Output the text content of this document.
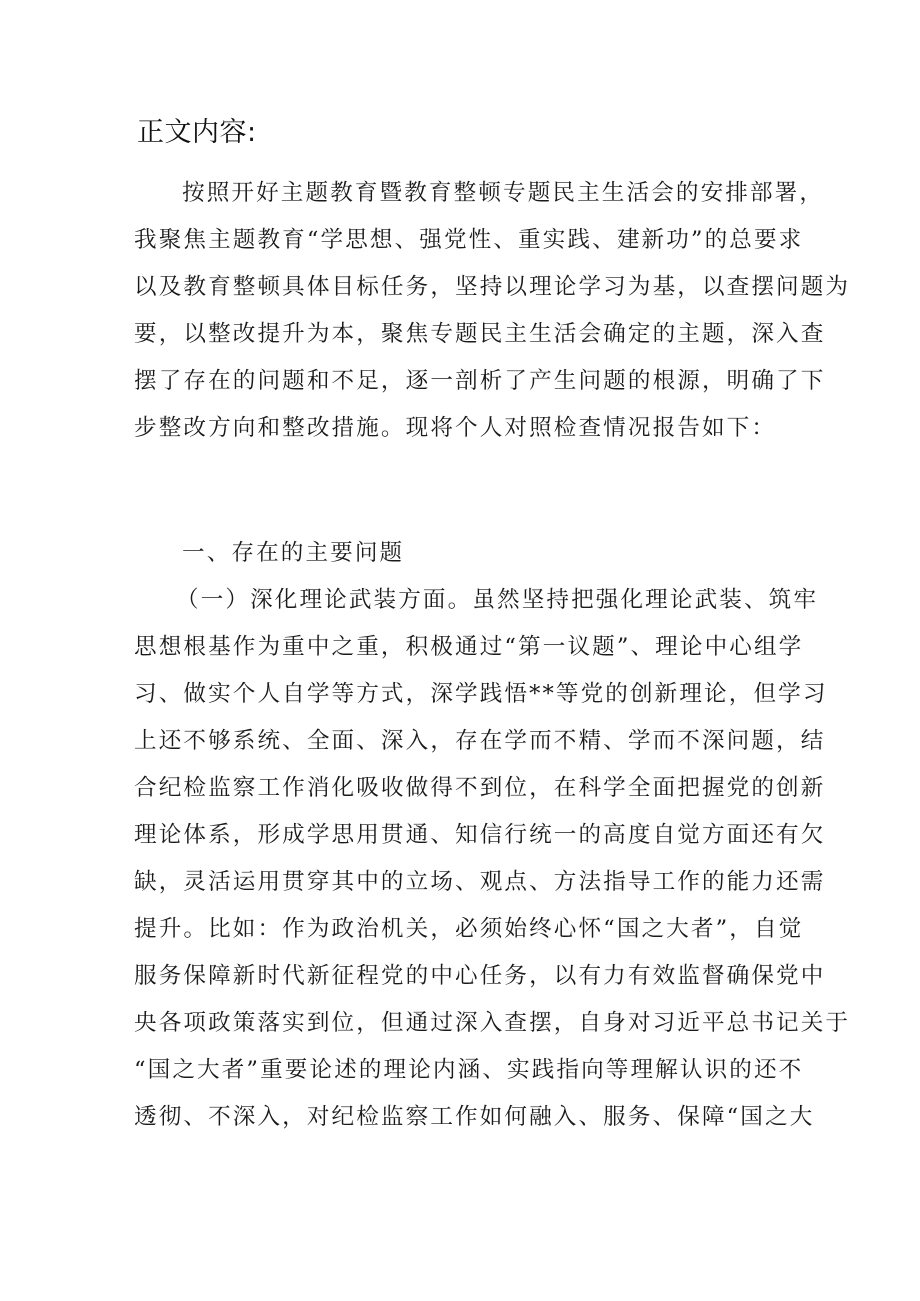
正文内容:
按照开好主题教育暨教育整顿专题民主生活会的安排部署，
我聚焦主题教育“学思想、强党性、重实践、建新功”的总要求
以及教育整顿具体目标任务，坚持以理论学习为基，以查摆问题为
要，以整改提升为本，聚焦专题民主生活会确定的主题，深入查
摆了存在的问题和不足，逐一剖析了产生问题的根源，明确了下
步整改方向和整改措施。现将个人对照检查情况报告如下：
一、存在的主要问题
（一）深化理论武装方面。虽然坚持把强化理论武装、筑牢
思想根基作为重中之重，积极通过“第一议题”、理论中心组学
习、做实个人自学等方式，深学践悟**等党的创新理论，但学习
上还不够系统、全面、深入，存在学而不精、学而不深问题，结
合纪检监察工作消化吸收做得不到位，在科学全面把握党的创新
理论体系，形成学思用贯通、知信行统一的高度自觉方面还有欠
缺，灵活运用贯穿其中的立场、观点、方法指导工作的能力还需
提升。比如：作为政治机关，必须始终心怀“国之大者”，自觉
服务保障新时代新征程党的中心任务，以有力有效监督确保党中
央各项政策落实到位，但通过深入查摆，自身对习近平总书记关于
“国之大者”重要论述的理论内涵、实践指向等理解认识的还不
透彻、不深入，对纪检监察工作如何融入、服务、保障“国之大
